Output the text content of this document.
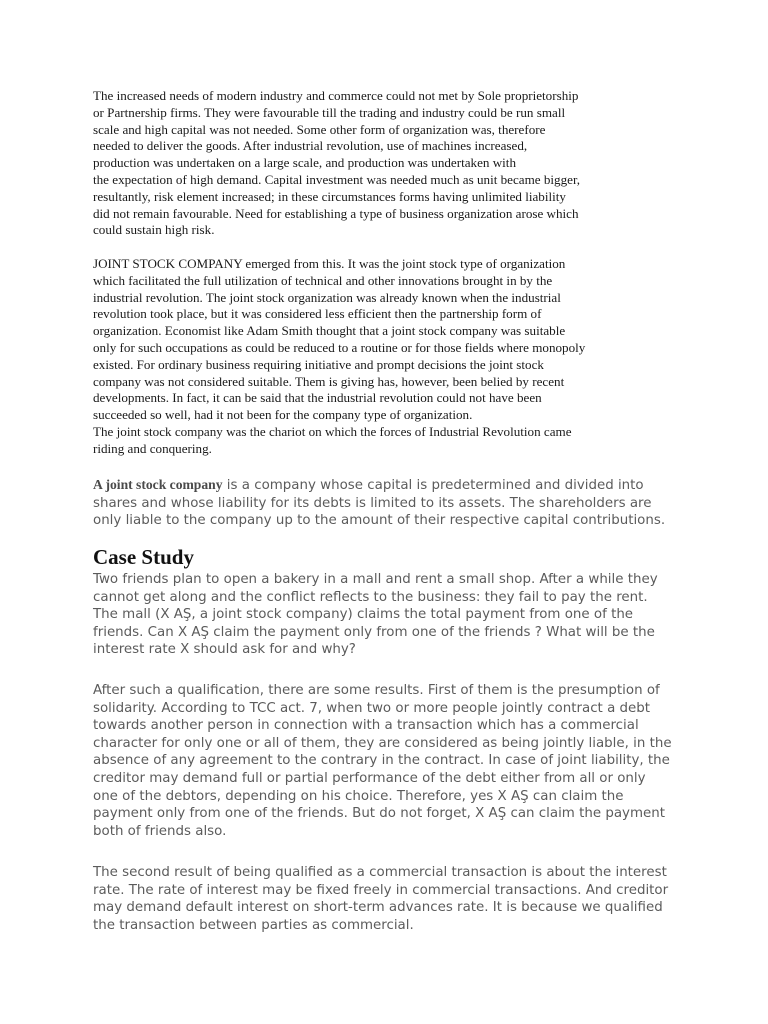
The increased needs of modern industry and commerce could not met by Sole proprietorship
or Partnership firms. They were favourable till the trading and industry could be run small
scale and high capital was not needed. Some other form of organization was, therefore
needed to deliver the goods. After industrial revolution, use of machines increased,
production was undertaken on a large scale, and production was undertaken with
the expectation of high demand. Capital investment was needed much as unit became bigger,
resultantly, risk element increased; in these circumstances forms having unlimited liability
did not remain favourable. Need for establishing a type of business organization arose which
could sustain high risk.
JOINT STOCK COMPANY emerged from this. It was the joint stock type of organization
which facilitated the full utilization of technical and other innovations brought in by the
industrial revolution. The joint stock organization was already known when the industrial
revolution took place, but it was considered less efficient then the partnership form of
organization. Economist like Adam Smith thought that a joint stock company was suitable
only for such occupations as could be reduced to a routine or for those fields where monopoly
existed. For ordinary business requiring initiative and prompt decisions the joint stock
company was not considered suitable. Them is giving has, however, been belied by recent
developments. In fact, it can be said that the industrial revolution could not have been
succeeded so well, had it not been for the company type of organization.
The joint stock company was the chariot on which the forces of Industrial Revolution came
riding and conquering.
A joint stock company is a company whose capital is predetermined and divided into
shares and whose liability for its debts is limited to its assets. The shareholders are
only liable to the company up to the amount of their respective capital contributions.
Case Study
Two friends plan to open a bakery in a mall and rent a small shop. After a while they
cannot get along and the conflict reflects to the business: they fail to pay the rent.
The mall (X AŞ, a joint stock company) claims the total payment from one of the
friends. Can X AŞ claim the payment only from one of the friends ? What will be the
interest rate X should ask for and why?
After such a qualification, there are some results. First of them is the presumption of
solidarity. According to TCC act. 7, when two or more people jointly contract a debt
towards another person in connection with a transaction which has a commercial
character for only one or all of them, they are considered as being jointly liable, in the
absence of any agreement to the contrary in the contract. In case of joint liability, the
creditor may demand full or partial performance of the debt either from all or only
one of the debtors, depending on his choice. Therefore, yes X AŞ can claim the
payment only from one of the friends. But do not forget, X AŞ can claim the payment
both of friends also.
The second result of being qualified as a commercial transaction is about the interest
rate. The rate of interest may be fixed freely in commercial transactions. And creditor
may demand default interest on short-term advances rate. It is because we qualified
the transaction between parties as commercial.
